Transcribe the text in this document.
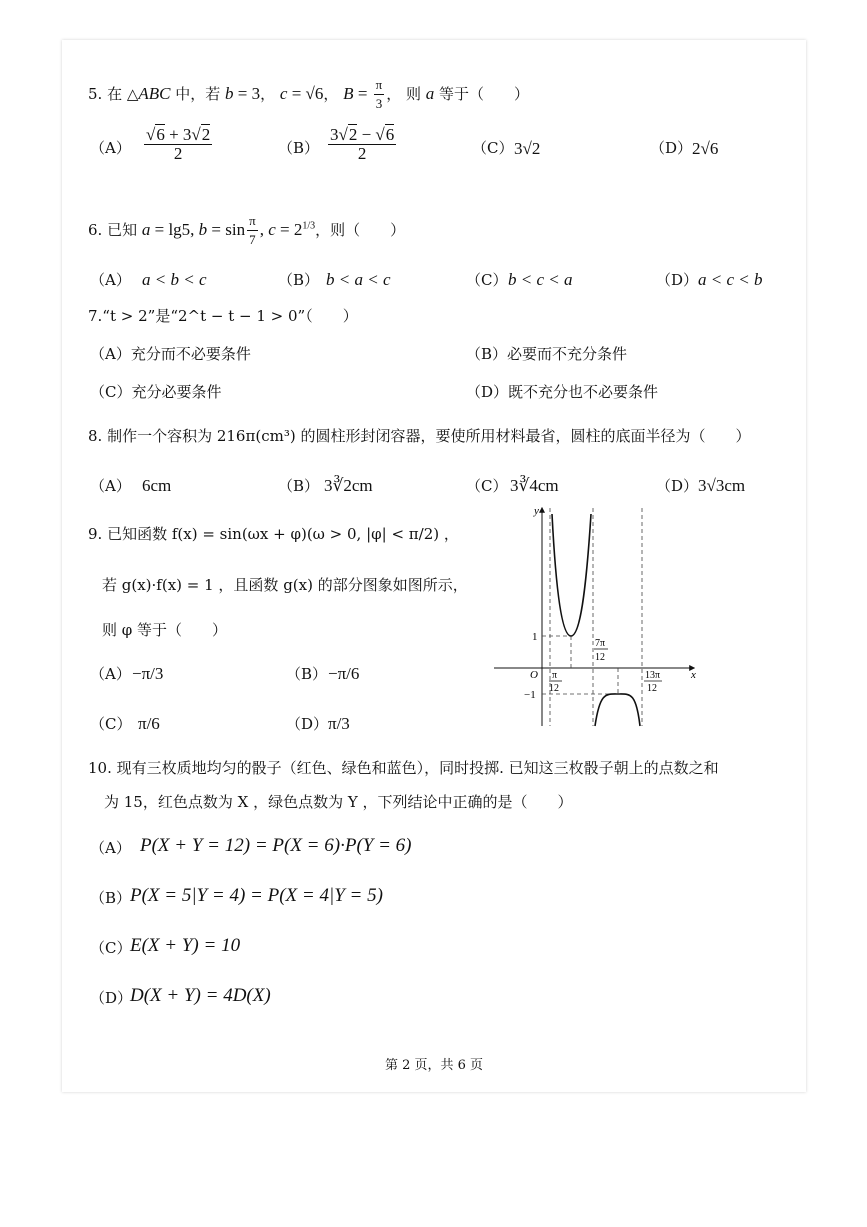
5. 在 △ABC 中，若 b = 3， c = √6， $B = \frac{\pi}{3}$ ， 则 a 等于（　　）
$(A) \frac{√6 + 3√2}{2}$	$(B) \frac{3√2 - √6}{2}$	（C） 3√2	（D） 2√6
6. 已知 a = lg5, $b = \sin \frac{\pi}{7}$ , $c = 2^{1/3}$，则（　　）
（A） a < b < c	（B） b < a < c	（C） b < c < a	（D） a < c < b
7.“t > 2”是“2^t − t − 1 > 0”（　　）
（A）充分而不必要条件	（B）必要而不充分条件
（C）充分必要条件	（D）既不充分也不必要条件
8. 制作一个容积为 216π(cm³) 的圆柱形封闭容器，要使所用材料最省，圆柱的底面半径为（　　）
（A） 6cm	（B） 3∛2cm	（C） 3∛4cm	（D） 3√3cm
9. 已知函数 f(x) = sin(ωx + φ)(ω > 0, |φ| < π/2) ，
若 g(x)·f(x) = 1 ，且函数 g(x) 的部分图象如图所示，
则 φ 等于（　　）
（A） −π/3	（B） −π/6
（C） π/6	（D） π/3
y
x
O
1
−1
π
12
7π
12
13π
12
10. 现有三枚质地均匀的骰子（红色、绿色和蓝色），同时投掷. 已知这三枚骰子朝上的点数之和
为 15，红色点数为 X ，绿色点数为 Y ，下列结论中正确的是（　　）
（A） P(X + Y = 12) = P(X = 6)·P(Y = 6)
（B）
P(X = 5|Y = 4) = P(X = 4|Y = 5)
（C）
E(X + Y) = 10
（D）
D(X + Y) = 4D(X)
第 2 页，共 6 页
